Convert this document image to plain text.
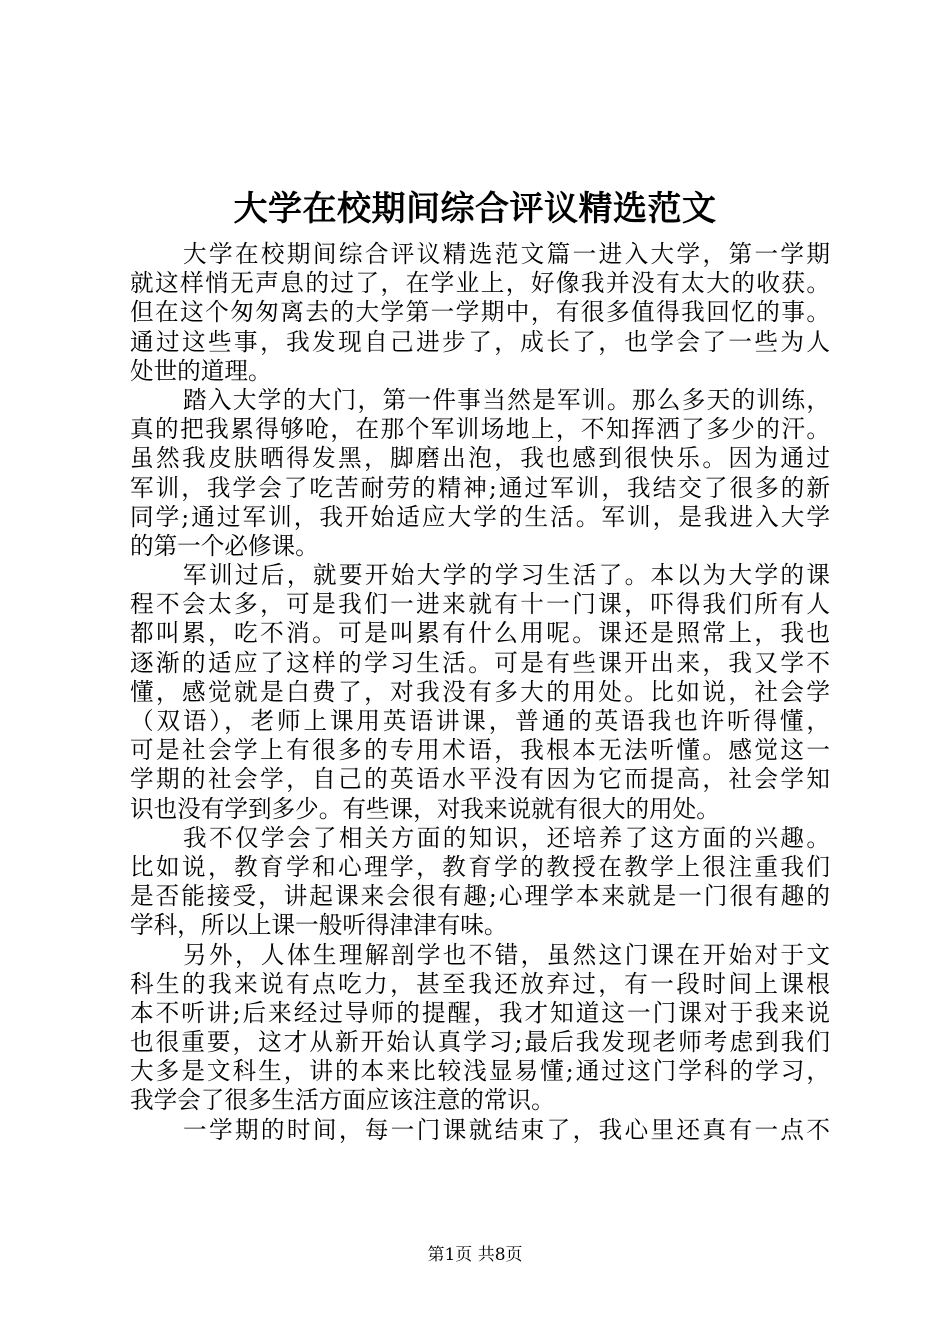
大学在校期间综合评议精选范文
大学在校期间综合评议精选范文篇一进入大学，第一学期
就这样悄无声息的过了，在学业上，好像我并没有太大的收获。
但在这个匆匆离去的大学第一学期中，有很多值得我回忆的事。
通过这些事，我发现自己进步了，成长了，也学会了一些为人
处世的道理。
踏入大学的大门，第一件事当然是军训。那么多天的训练，
真的把我累得够呛，在那个军训场地上，不知挥洒了多少的汗。
虽然我皮肤晒得发黑，脚磨出泡，我也感到很快乐。因为通过
军训，我学会了吃苦耐劳的精神;通过军训，我结交了很多的新
同学;通过军训，我开始适应大学的生活。军训，是我进入大学
的第一个必修课。
军训过后，就要开始大学的学习生活了。本以为大学的课
程不会太多，可是我们一进来就有十一门课，吓得我们所有人
都叫累，吃不消。可是叫累有什么用呢。课还是照常上，我也
逐渐的适应了这样的学习生活。可是有些课开出来，我又学不
懂，感觉就是白费了，对我没有多大的用处。比如说，社会学
（双语），老师上课用英语讲课，普通的英语我也许听得懂，
可是社会学上有很多的专用术语，我根本无法听懂。感觉这一
学期的社会学，自己的英语水平没有因为它而提高，社会学知
识也没有学到多少。有些课，对我来说就有很大的用处。
我不仅学会了相关方面的知识，还培养了这方面的兴趣。
比如说，教育学和心理学，教育学的教授在教学上很注重我们
是否能接受，讲起课来会很有趣;心理学本来就是一门很有趣的
学科，所以上课一般听得津津有味。
另外，人体生理解剖学也不错，虽然这门课在开始对于文
科生的我来说有点吃力，甚至我还放弃过，有一段时间上课根
本不听讲;后来经过导师的提醒，我才知道这一门课对于我来说
也很重要，这才从新开始认真学习;最后我发现老师考虑到我们
大多是文科生，讲的本来比较浅显易懂;通过这门学科的学习，
我学会了很多生活方面应该注意的常识。
一学期的时间，每一门课就结束了，我心里还真有一点不
第1页 共8页
